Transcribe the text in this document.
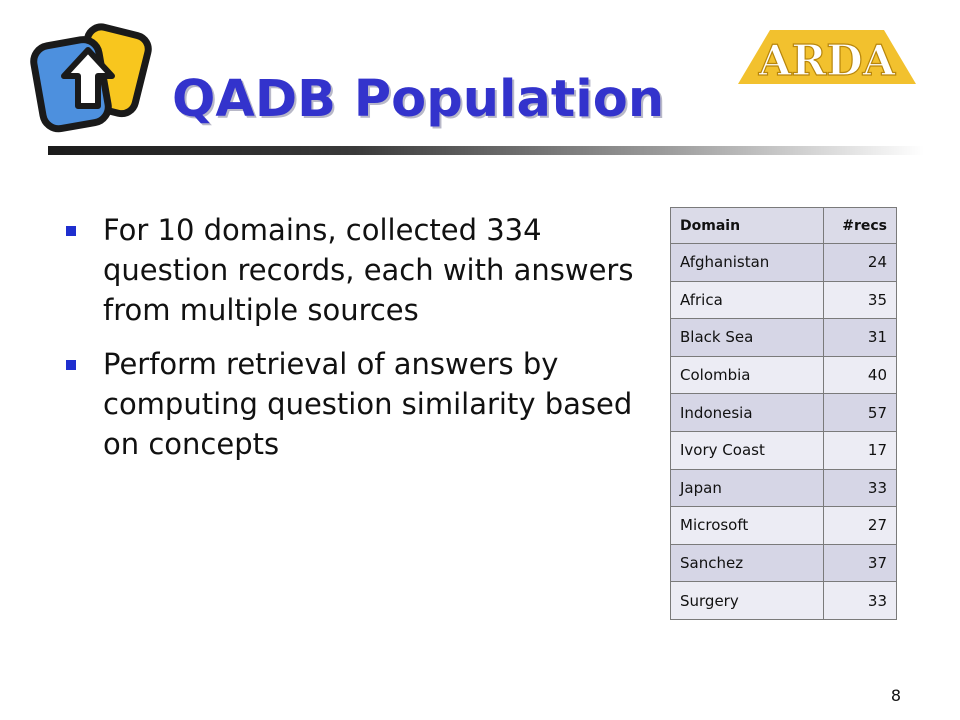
QADB Population
ARDA
For 10 domains, collected 334 question records, each with answers from multiple sources
Perform retrieval of answers by computing question similarity based on concepts
Domain	#recs
Afghanistan	24
Africa	35
Black Sea	31
Colombia	40
Indonesia	57
Ivory Coast	17
Japan	33
Microsoft	27
Sanchez	37
Surgery	33
8
